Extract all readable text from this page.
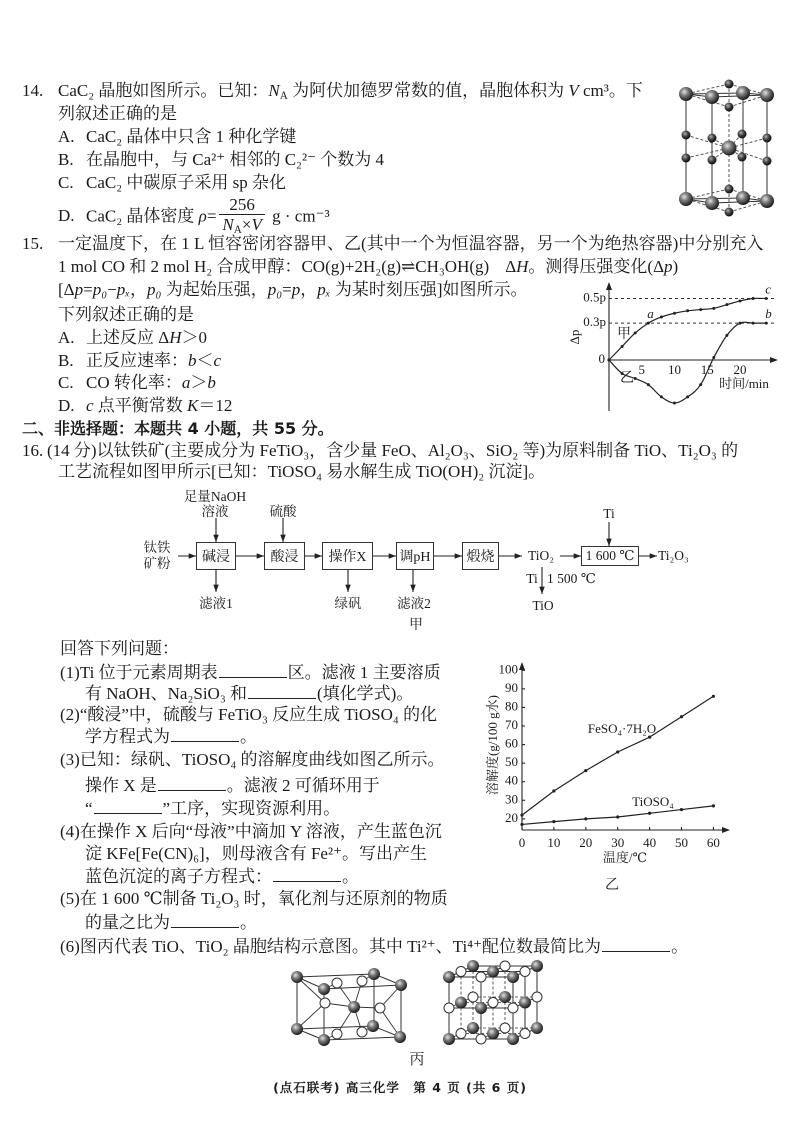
14. CaC₂ 晶胞如图所示。已知：$N_A$ 为阿伏加德罗常数的值，晶胞体积为 V cm³。下
列叙述正确的是
A. CaC₂ 晶体中只含 1 种化学键
B. 在晶胞中，与 Ca²⁺ 相邻的 C₂²⁻ 个数为 4
C. CaC₂ 中碳原子采用 sp 杂化
D. CaC₂ 晶体密度 $\rho= \frac{256}{N_A\times V}$ g · cm⁻³
15. 一定温度下，在 1 L 恒容密闭容器甲、乙(其中一个为恒温容器，另一个为绝热容器)中分别充入
1 mol CO 和 2 mol H₂ 合成甲醇：CO(g)+2H₂(g)⇌CH₃OH(g) ΔH。测得压强变化(Δp)
[Δp=p₀−pₓ，p₀ 为起始压强，p₀=p，pₓ 为某时刻压强]如图所示。
下列叙述正确的是
A. 上述反应 ΔH＞0
B. 正反应速率：b＜c
C. CO 转化率：a＞b
D. c 点平衡常数 K＝12
0.5p
0.3p
0
5 10 15 20
Δp
时间/min
甲
乙
a	b
c
二、非选择题：本题共 4 小题，共 55 分。
16. (14 分)以钛铁矿(主要成分为 FeTiO₃，含少量 FeO、Al₂O₃、SiO₂ 等)为原料制备 TiO、Ti₂O₃ 的
工艺流程如图甲所示[已知：TiOSO₄ 易水解生成 TiO(OH)₂ 沉淀]。
碱浸	酸浸	操作X	调pH	煅烧	1 600 ℃
钛铁
矿粉
足量NaOH
溶液	硫酸
滤液1	绿矾	滤液2
TiO₂
Ti
Ti₂O₃
Ti 1 500 ℃
TiO
甲
回答下列问题：
(1)Ti 位于元素周期表	区。滤液 1 主要溶质
有 NaOH、Na₂SiO₃ 和	(填化学式)。
(2)“酸浸”中，硫酸与 FeTiO₃ 反应生成 TiOSO₄ 的化
学方程式为	。
(3)已知：绿矾、TiOSO₄ 的溶解度曲线如图乙所示。
操作 X 是	。滤液 2 可循环用于
“	”工序，实现资源利用。
(4)在操作 X 后向“母液”中滴加 Y 溶液，产生蓝色沉
淀 KFe[Fe(CN)₆]，则母液含有 Fe²⁺。写出产生
蓝色沉淀的离子方程式：	。
(5)在 1 600 ℃制备 Ti₂O₃ 时，氧化剂与还原剂的物质
的量之比为	。
(6)图丙代表 TiO、TiO₂ 晶胞结构示意图。其中 Ti²⁺、Ti⁴⁺配位数最简比为	。
20
30
40
50
60
70
80
90
100
0 10 20 30 40 50 60
溶解度(g/100 g水)
温度/℃
FeSO₄·7H₂O
TiOSO₄
乙
丙
(点石联考) 高三化学　第 4 页 (共 6 页)
